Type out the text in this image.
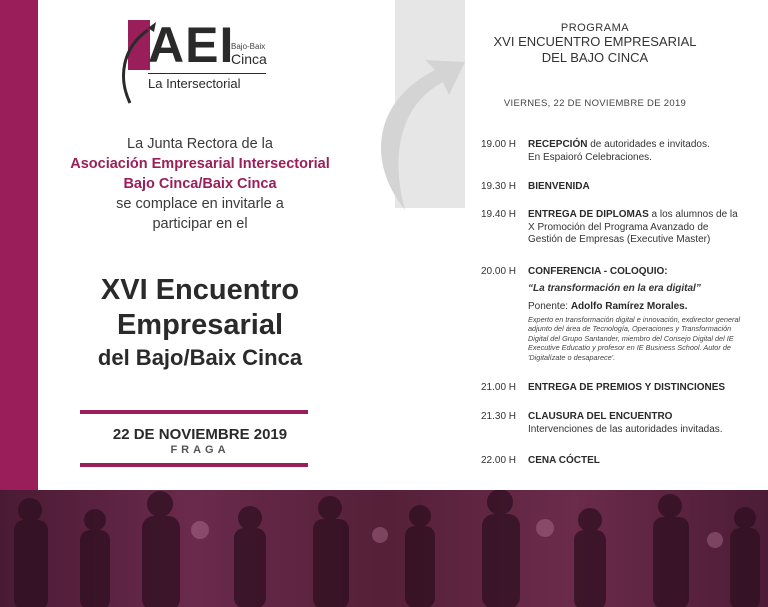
AEI
Bajo-Baix
Cinca
La Intersectorial
La Junta Rectora de la
Asociación Empresarial Intersectorial
Bajo Cinca/Baix Cinca
se complace en invitarle a
participar en el
XVI Encuentro
Empresarial
del Bajo/Baix Cinca
22 DE NOVIEMBRE 2019
FRAGA
PROGRAMA
XVI ENCUENTRO EMPRESARIAL
DEL BAJO CINCA
VIERNES, 22 DE NOVIEMBRE DE 2019
19.00 H	RECEPCIÓN de autoridades e invitados.
En Espaioró Celebraciones.
19.30 H	BIENVENIDA
19.40 H	ENTREGA DE DIPLOMAS a los alumnos de la
X Promoción del Programa Avanzado de
Gestión de Empresas (Executive Master)
20.00 H	CONFERENCIA - COLOQUIO:
“La transformación en la era digital”
Ponente: Adolfo Ramírez Morales.
Experto en transformación digital e innovación, exdirector general adjunto del área de Tecnología, Operaciones y Transformación Digital del Grupo Santander, miembro del Consejo Digital del IE Executive Educatio y profesor en IE Business School. Autor de 'Digitalízate o desaparece'.
21.00 H	ENTREGA DE PREMIOS Y DISTINCIONES
21.30 H	CLAUSURA DEL ENCUENTRO
Intervenciones de las autoridades invitadas.
22.00 H	CENA CÓCTEL
